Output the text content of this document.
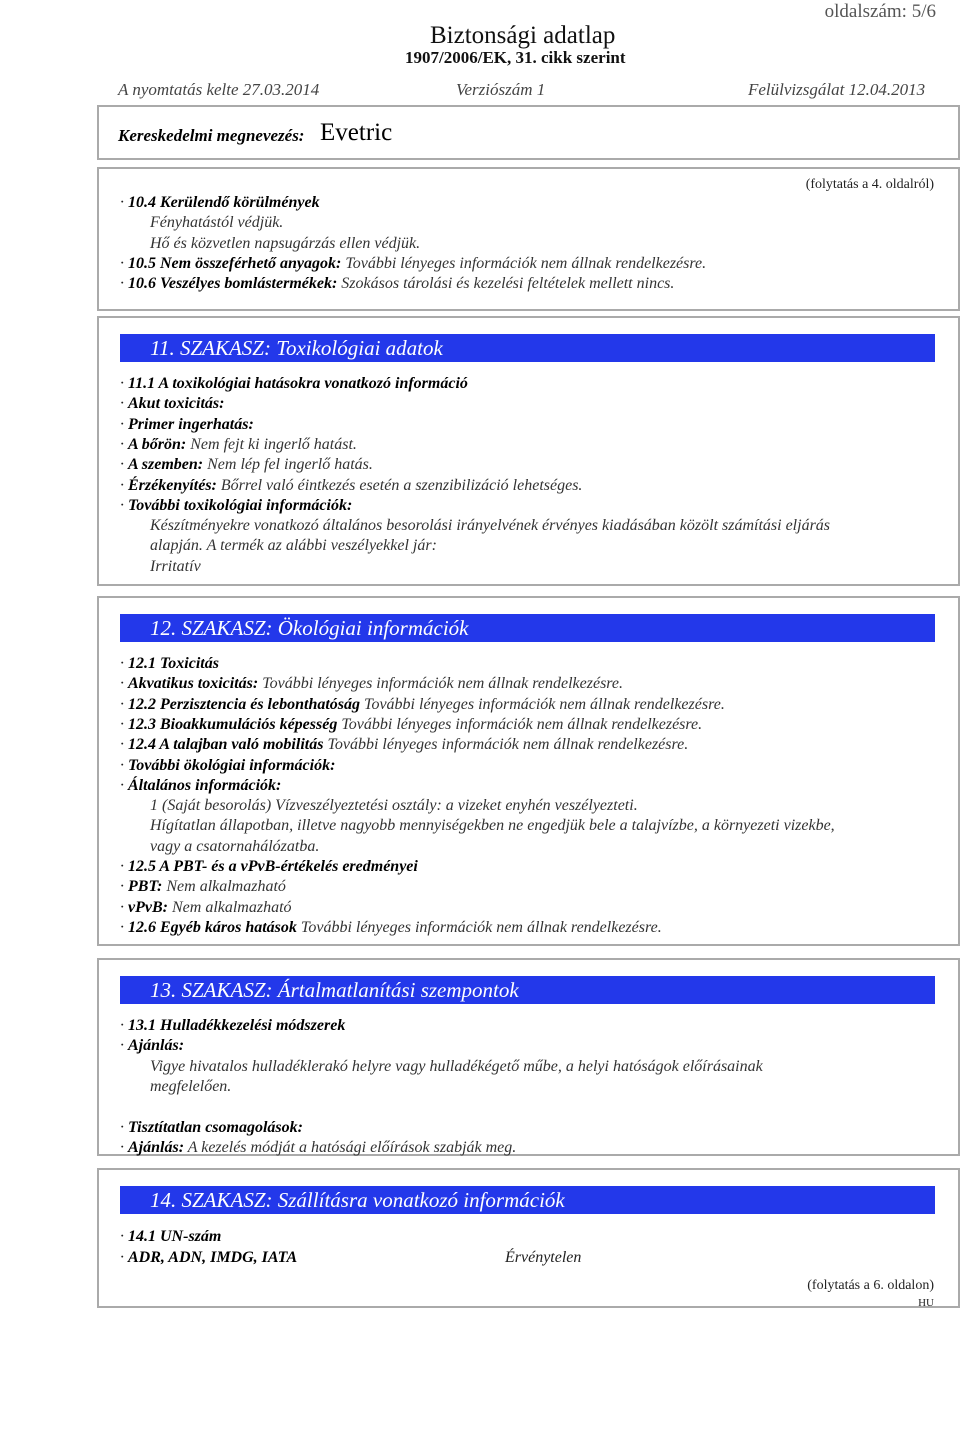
oldalszám: 5/6
Biztonsági adatlap
1907/2006/EK, 31. cikk szerint
A nyomtatás kelte 27.03.2014	Verziószám 1	Felülvizsgálat 12.04.2013
Kereskedelmi megnevezés: Evetric
(folytatás a 4. oldalról)
· 10.4 Kerülendő körülmények
Fényhatástól védjük.
Hő és közvetlen napsugárzás ellen védjük.
· 10.5 Nem összeférhető anyagok: További lényeges információk nem állnak rendelkezésre.
· 10.6 Veszélyes bomlástermékek: Szokásos tárolási és kezelési feltételek mellett nincs.
11. SZAKASZ: Toxikológiai adatok
· 11.1 A toxikológiai hatásokra vonatkozó információ
· Akut toxicitás:
· Primer ingerhatás:
· A bőrön: Nem fejt ki ingerlő hatást.
· A szemben: Nem lép fel ingerlő hatás.
· Érzékenyítés: Bőrrel való éintkezés esetén a szenzibilizáció lehetséges.
· További toxikológiai információk:
Készítményekre vonatkozó általános besorolási irányelvének érvényes kiadásában közölt számítási eljárás
alapján. A termék az alábbi veszélyekkel jár:
Irritatív
12. SZAKASZ: Ökológiai információk
· 12.1 Toxicitás
· Akvatikus toxicitás: További lényeges információk nem állnak rendelkezésre.
· 12.2 Perzisztencia és lebonthatóság További lényeges információk nem állnak rendelkezésre.
· 12.3 Bioakkumulációs képesség További lényeges információk nem állnak rendelkezésre.
· 12.4 A talajban való mobilitás További lényeges információk nem állnak rendelkezésre.
· További ökológiai információk:
· Általános információk:
1 (Saját besorolás) Vízveszélyeztetési osztály: a vizeket enyhén veszélyezteti.
Hígítatlan állapotban, illetve nagyobb mennyiségekben ne engedjük bele a talajvízbe, a környezeti vizekbe,
vagy a csatornahálózatba.
· 12.5 A PBT- és a vPvB-értékelés eredményei
· PBT: Nem alkalmazható
· vPvB: Nem alkalmazható
· 12.6 Egyéb káros hatások További lényeges információk nem állnak rendelkezésre.
13. SZAKASZ: Ártalmatlanítási szempontok
· 13.1 Hulladékkezelési módszerek
· Ajánlás:
Vigye hivatalos hulladéklerakó helyre vagy hulladékégető műbe, a helyi hatóságok előírásainak
megfelelően.
· Tisztítatlan csomagolások:
· Ajánlás: A kezelés módját a hatósági előírások szabják meg.
14. SZAKASZ: Szállításra vonatkozó információk
· 14.1 UN-szám
· ADR, ADN, IMDG, IATA	Érvénytelen
(folytatás a 6. oldalon)
HU
